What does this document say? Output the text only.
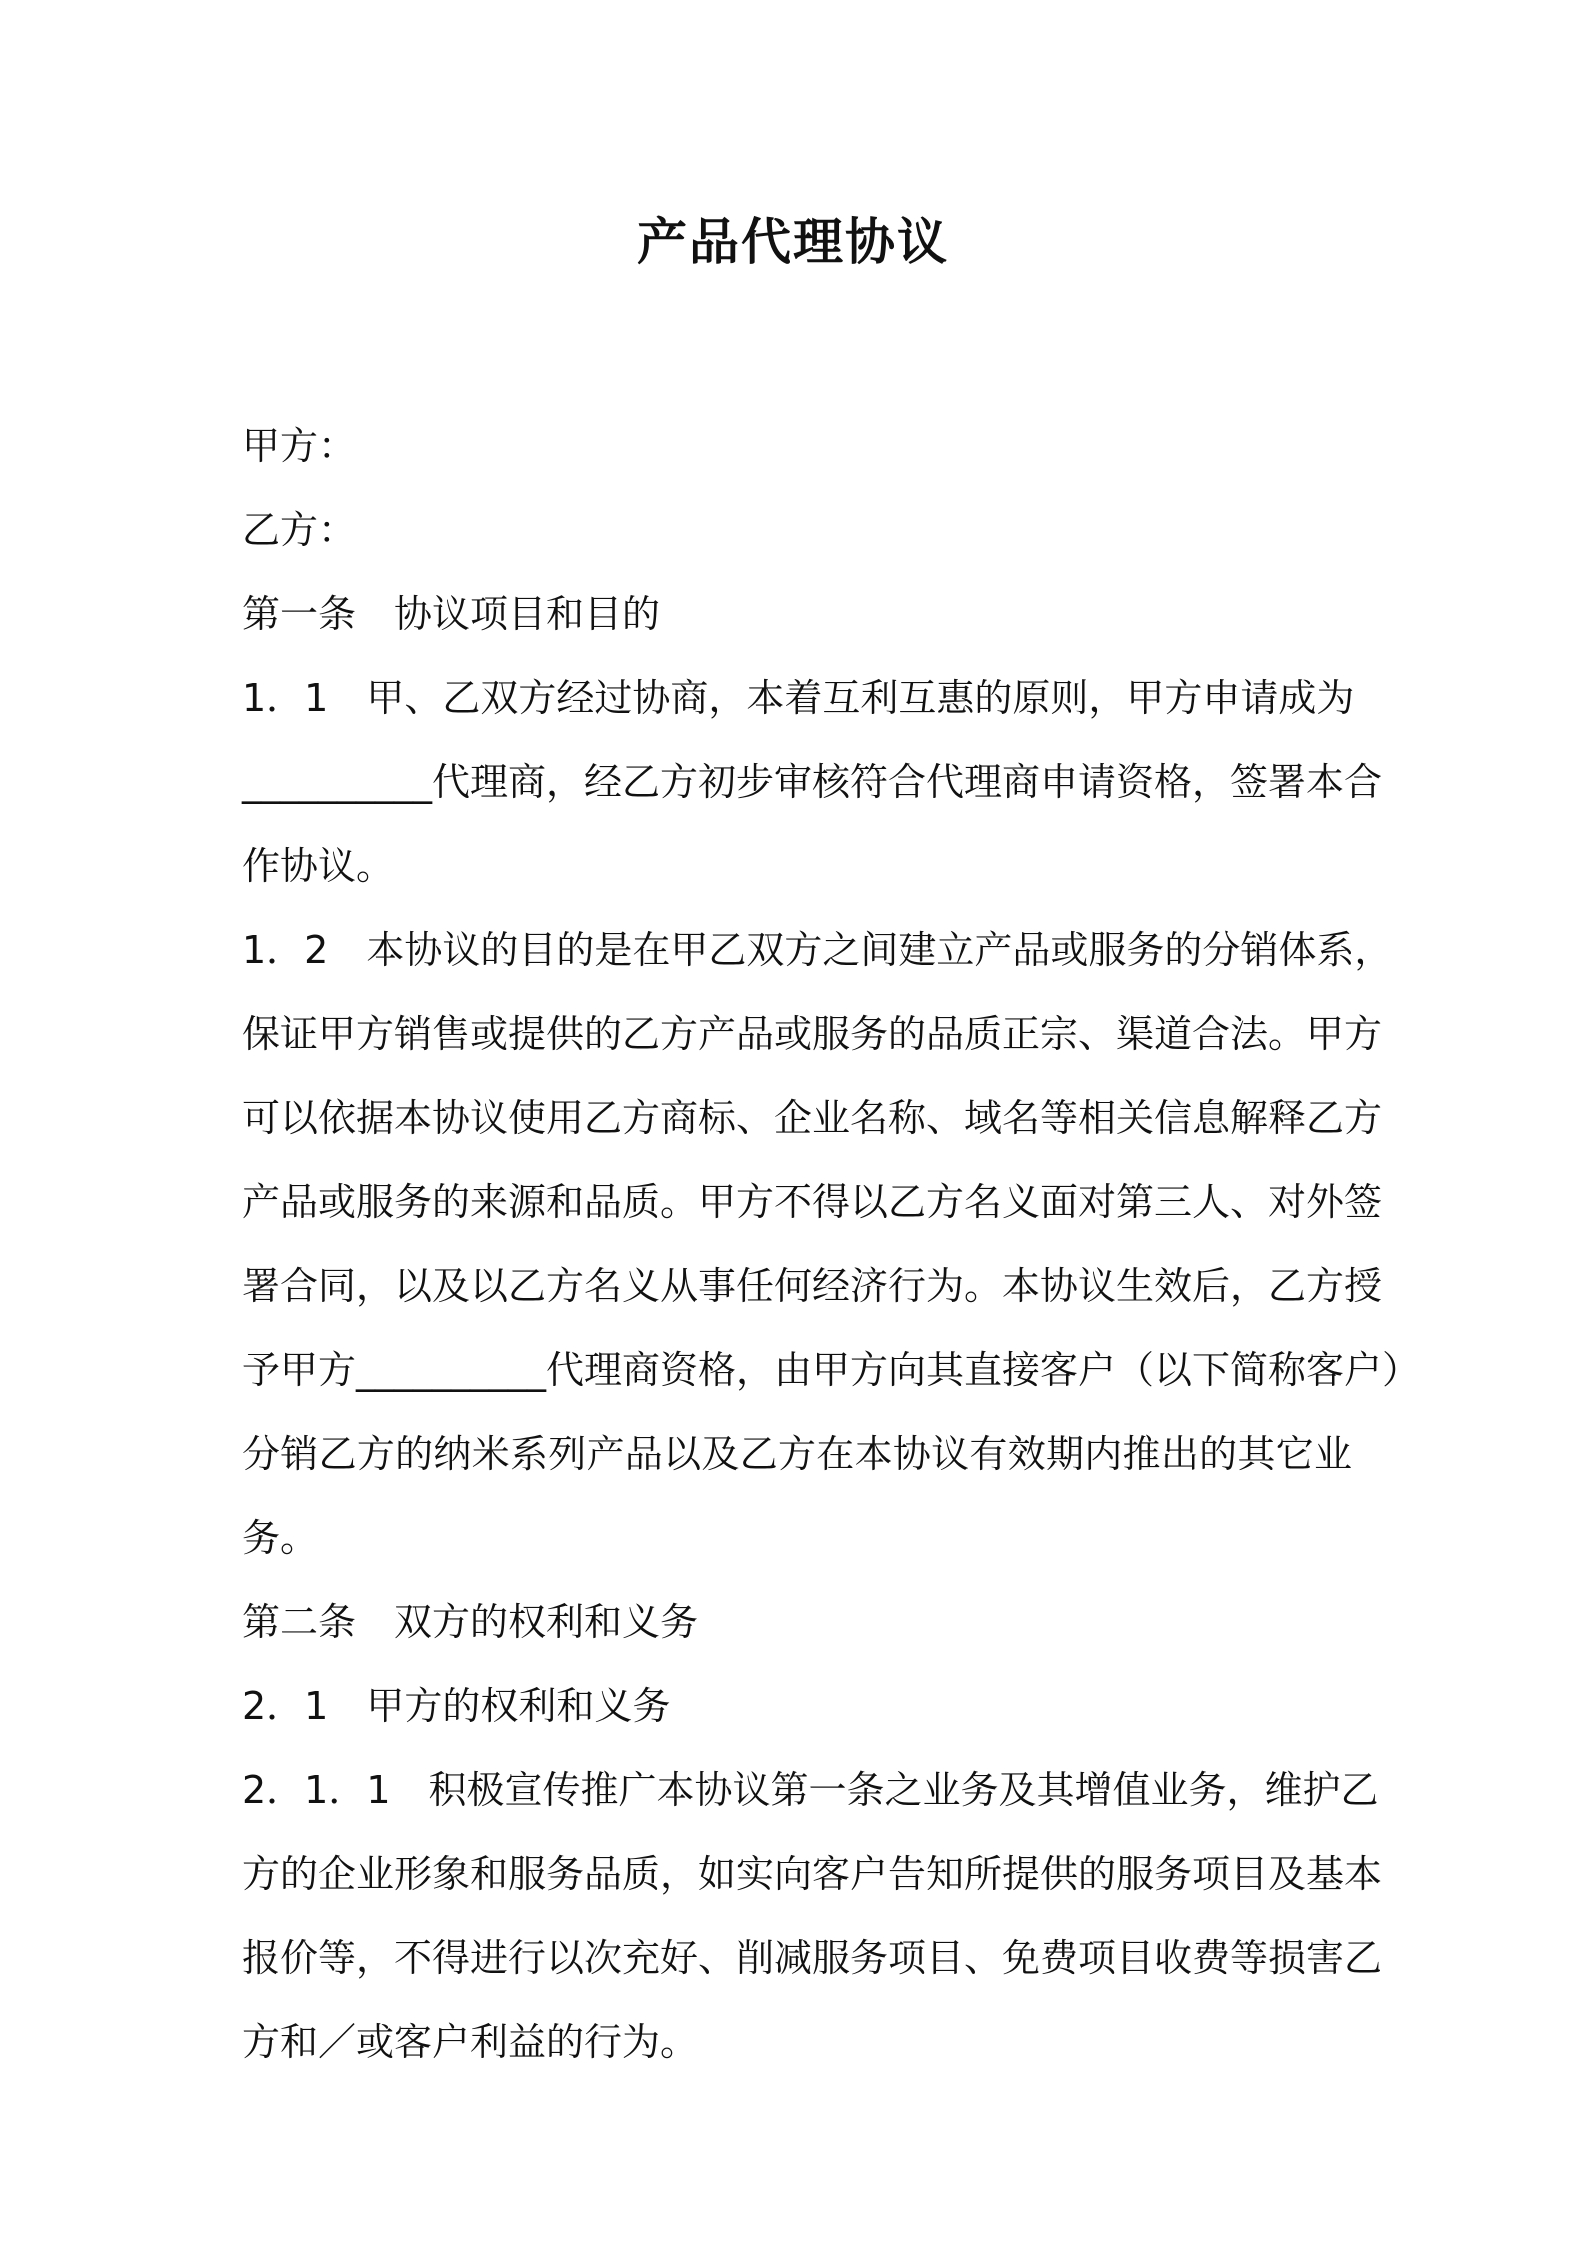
产品代理协议
甲方：
乙方：
第一条　协议项目和目的
1．1　甲、乙双方经过协商，本着互利互惠的原则，甲方申请成为
__________代理商，经乙方初步审核符合代理商申请资格，签署本合
作协议。
1．2　本协议的目的是在甲乙双方之间建立产品或服务的分销体系，
保证甲方销售或提供的乙方产品或服务的品质正宗、渠道合法。甲方
可以依据本协议使用乙方商标、企业名称、域名等相关信息解释乙方
产品或服务的来源和品质。甲方不得以乙方名义面对第三人、对外签
署合同，以及以乙方名义从事任何经济行为。本协议生效后，乙方授
予甲方__________代理商资格，由甲方向其直接客户（以下简称客户）
分销乙方的纳米系列产品以及乙方在本协议有效期内推出的其它业
务。
第二条　双方的权利和义务
2．1　甲方的权利和义务
2．1．1　积极宣传推广本协议第一条之业务及其增值业务，维护乙
方的企业形象和服务品质，如实向客户告知所提供的服务项目及基本
报价等，不得进行以次充好、削减服务项目、免费项目收费等损害乙
方和／或客户利益的行为。
